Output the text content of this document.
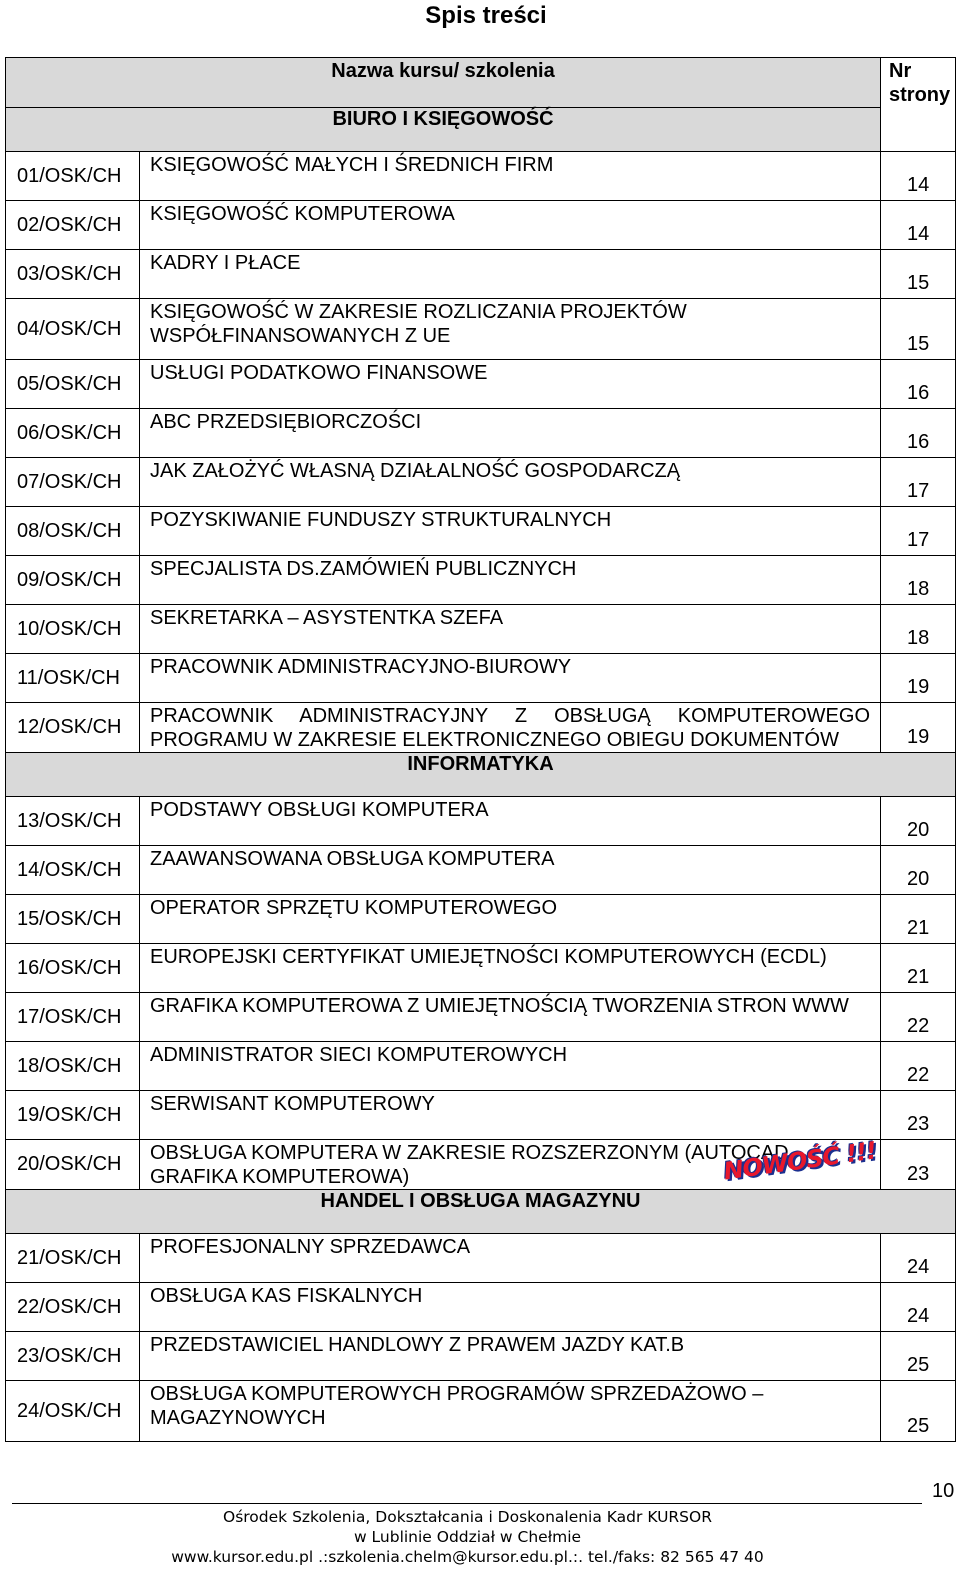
Spis treści
Nazwa kursu/ szkolenia		Nr strony
BIURO I KSIĘGOWOŚĆ		
01/OSK/CH	KSIĘGOWOŚĆ MAŁYCH I ŚREDNICH FIRM	14
02/OSK/CH	KSIĘGOWOŚĆ KOMPUTEROWA	14
03/OSK/CH	KADRY I PŁACE	15
04/OSK/CH	KSIĘGOWOŚĆ W ZAKRESIE ROZLICZANIA PROJEKTÓW WSPÓŁFINANSOWANYCH Z UE	15
05/OSK/CH	USŁUGI PODATKOWO FINANSOWE	16
06/OSK/CH	ABC PRZEDSIĘBIORCZOŚCI	16
07/OSK/CH	JAK ZAŁOŻYĆ WŁASNĄ DZIAŁALNOŚĆ GOSPODARCZĄ	17
08/OSK/CH	POZYSKIWANIE FUNDUSZY STRUKTURALNYCH	17
09/OSK/CH	SPECJALISTA DS.ZAMÓWIEŃ PUBLICZNYCH	18
10/OSK/CH	SEKRETARKA – ASYSTENTKA SZEFA	18
11/OSK/CH	PRACOWNIK ADMINISTRACYJNO-BIUROWY	19
12/OSK/CH	PRACOWNIK ADMINISTRACYJNY Z OBSŁUGĄ KOMPUTEROWEGO PROGRAMU W ZAKRESIE ELEKTRONICZNEGO OBIEGU DOKUMENTÓW	19
INFORMATYKA		
13/OSK/CH	PODSTAWY OBSŁUGI KOMPUTERA	20
14/OSK/CH	ZAAWANSOWANA OBSŁUGA KOMPUTERA	20
15/OSK/CH	OPERATOR SPRZĘTU KOMPUTEROWEGO	21
16/OSK/CH	EUROPEJSKI CERTYFIKAT UMIEJĘTNOŚCI KOMPUTEROWYCH (ECDL)	21
17/OSK/CH	GRAFIKA KOMPUTEROWA Z UMIEJĘTNOŚCIĄ TWORZENIA STRON WWW	22
18/OSK/CH	ADMINISTRATOR SIECI KOMPUTEROWYCH	22
19/OSK/CH	SERWISANT KOMPUTEROWY	23
20/OSK/CH	OBSŁUGA KOMPUTERA W ZAKRESIE ROZSZERZONYM (AUTOCAD, GRAFIKA KOMPUTEROWA)	23
HANDEL I OBSŁUGA MAGAZYNU		
21/OSK/CH	PROFESJONALNY SPRZEDAWCA	24
22/OSK/CH	OBSŁUGA KAS FISKALNYCH	24
23/OSK/CH	PRZEDSTAWICIEL HANDLOWY Z PRAWEM JAZDY KAT.B	25
24/OSK/CH	OBSŁUGA KOMPUTEROWYCH PROGRAMÓW SPRZEDAŻOWO – MAGAZYNOWYCH	25
NOWOŚĆ !!!
10
Ośrodek Szkolenia, Dokształcania i Doskonalenia Kadr KURSOR
w Lublinie Oddział w Chełmie
www.kursor.edu.pl .:szkolenia.chelm@kursor.edu.pl.:. tel./faks: 82 565 47 40
